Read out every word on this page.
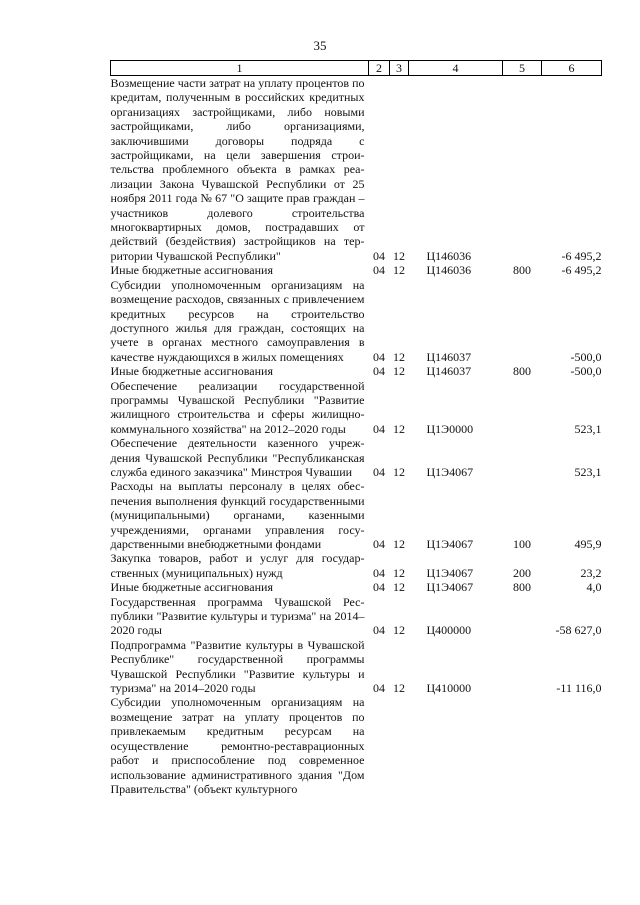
35
1	2	3	4	5	6
Возмещение части затрат на уплату процентов по кредитам, полученным в российских кредитных организациях застройщиками, либо новыми застройщиками, либо организациями, заключившими договоры подряда с застройщиками, на цели завершения строительства проблемного объекта в рамках реализации Закона Чувашской Республики от 25 ноября 2011 года № 67 "О защите прав граждан – участников долевого строительства многоквартирных домов, пострадавших от действий (бездействия) застройщиков на территории Чувашской Республики"	04	12	Ц146036		-6 495,2
Иные бюджетные ассигнования	04	12	Ц146036	800	-6 495,2
Субсидии уполномоченным организациям на возмещение расходов, связанных с привлечением кредитных ресурсов на строительство доступного жилья для граждан, состоящих на учете в органах местного самоуправления в качестве нуждающихся в жилых помещениях	04	12	Ц146037		-500,0
Иные бюджетные ассигнования	04	12	Ц146037	800	-500,0
Обеспечение реализации государственной программы Чувашской Республики "Развитие жилищного строительства и сферы жилищно-коммунального хозяйства" на 2012–2020 годы	04	12	Ц1Э0000		523,1
Обеспечение деятельности казенного учреждения Чувашской Республики "Республиканская служба единого заказчика" Минстроя Чувашии	04	12	Ц1Э4067		523,1
Расходы на выплаты персоналу в целях обеспечения выполнения функций государственными (муниципальными) органами, казенными учреждениями, органами управления государственными внебюджетными фондами	04	12	Ц1Э4067	100	495,9
Закупка товаров, работ и услуг для государственных (муниципальных) нужд	04	12	Ц1Э4067	200	23,2
Иные бюджетные ассигнования	04	12	Ц1Э4067	800	4,0
Государственная программа Чувашской Республики "Развитие культуры и туризма" на 2014–2020 годы	04	12	Ц400000		-58 627,0
Подпрограмма "Развитие культуры в Чувашской Республике" государственной программы Чувашской Республики "Развитие культуры и туризма" на 2014–2020 годы	04	12	Ц410000		-11 116,0
Субсидии уполномоченным организациям на возмещение затрат на уплату процентов по привлекаемым кредитным ресурсам на осуществление ремонтно-реставрационных работ и приспособление под современное использование административного здания "Дом Правительства" (объект культурного					
